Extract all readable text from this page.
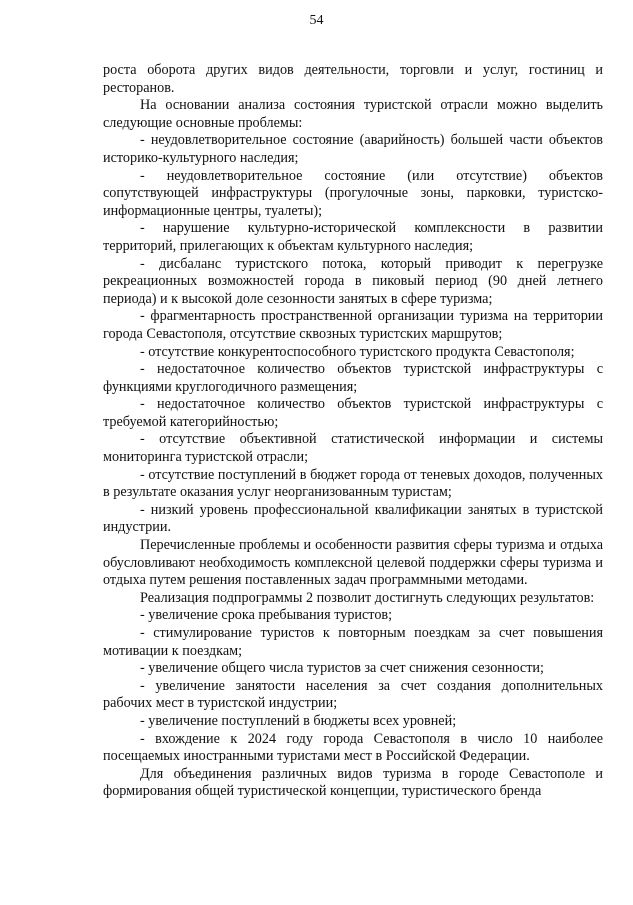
54

роста оборота других видов деятельности, торговли и услуг, гостиниц и ресторанов.

На основании анализа состояния туристской отрасли можно выделить следующие основные проблемы:

- неудовлетворительное состояние (аварийность) большей части объектов историко-культурного наследия;

- неудовлетворительное состояние (или отсутствие) объектов сопутствующей инфраструктуры (прогулочные зоны, парковки, туристско-информационные центры, туалеты);

- нарушение культурно-исторической комплексности в развитии территорий, прилегающих к объектам культурного наследия;

- дисбаланс туристского потока, который приводит к перегрузке рекреационных возможностей города в пиковый период (90 дней летнего периода) и к высокой доле сезонности занятых в сфере туризма;

- фрагментарность пространственной организации туризма на территории города Севастополя, отсутствие сквозных туристских маршрутов;

- отсутствие конкурентоспособного туристского продукта Севастополя;

- недостаточное количество объектов туристской инфраструктуры с функциями круглогодичного размещения;

- недостаточное количество объектов туристской инфраструктуры с требуемой категорийностью;

- отсутствие объективной статистической информации и системы мониторинга туристской отрасли;

- отсутствие поступлений в бюджет города от теневых доходов, полученных в результате оказания услуг неорганизованным туристам;

- низкий уровень профессиональной квалификации занятых в туристской индустрии.

Перечисленные проблемы и особенности развития сферы туризма и отдыха обусловливают необходимость комплексной целевой поддержки сферы туризма и отдыха путем решения поставленных задач программными методами.

Реализация подпрограммы 2 позволит достигнуть следующих результатов:

- увеличение срока пребывания туристов;

- стимулирование туристов к повторным поездкам за счет повышения мотивации к поездкам;

- увеличение общего числа туристов за счет снижения сезонности;

- увеличение занятости населения за счет создания дополнительных рабочих мест в туристской индустрии;

- увеличение поступлений в бюджеты всех уровней;

- вхождение к 2024 году города Севастополя в число 10 наиболее посещаемых иностранными туристами мест в Российской Федерации.

Для объединения различных видов туризма в городе Севастополе и формирования общей туристической концепции, туристического бренда
